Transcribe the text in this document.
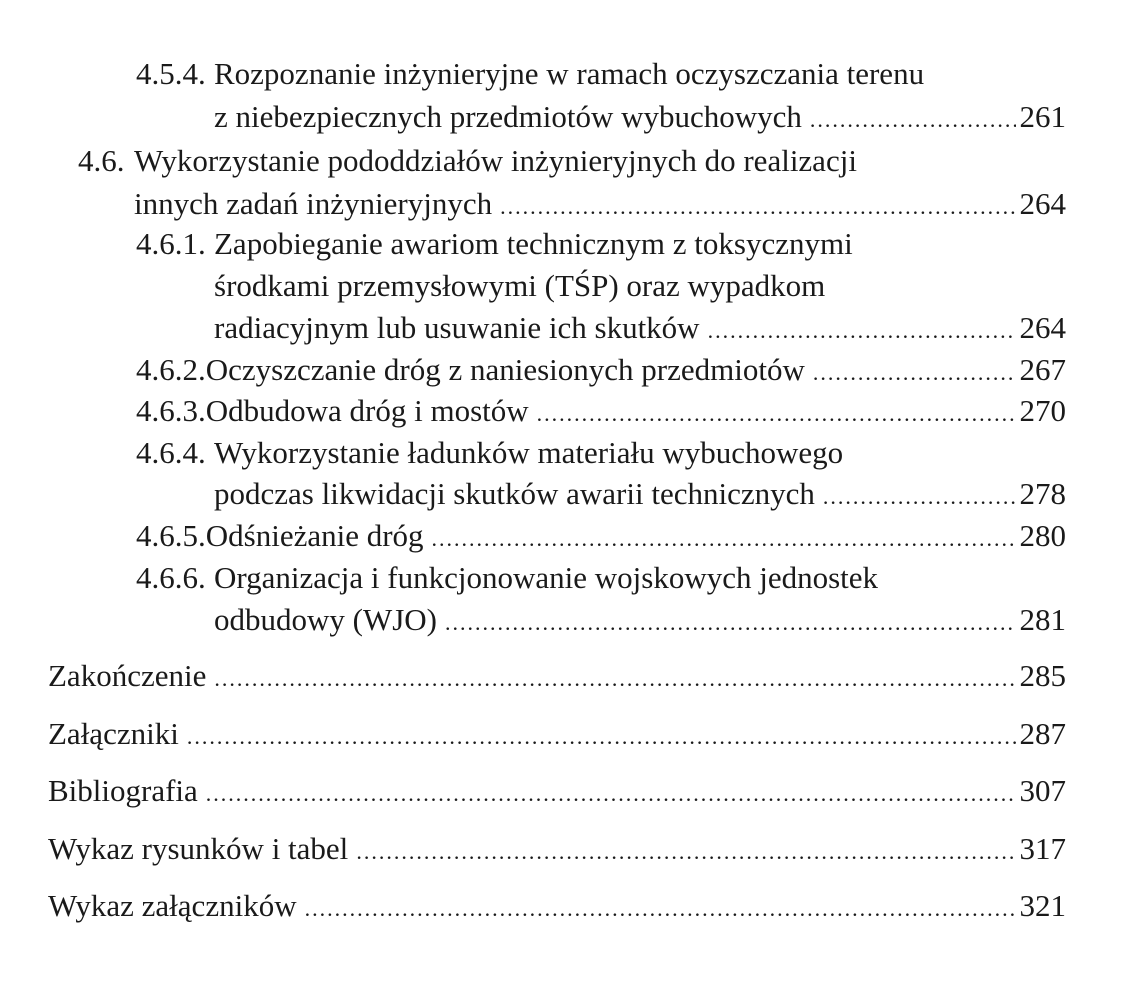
4.5.4. Rozpoznanie inżynieryjne w ramach oczyszczania terenu
z niebezpiecznych przedmiotów wybuchowych .....	261
4.6. Wykorzystanie pododdziałów inżynieryjnych do realizacji
innych zadań inżynieryjnych .....	264
4.6.1. Zapobieganie awariom technicznym z toksycznymi
środkami przemysłowymi (TŚP) oraz wypadkom
radiacyjnym lub usuwanie ich skutków .....	264
4.6.2. Oczyszczanie dróg z naniesionych przedmiotów .....	267
4.6.3. Odbudowa dróg i mostów .....	270
4.6.4. Wykorzystanie ładunków materiału wybuchowego
podczas likwidacji skutków awarii technicznych .....	278
4.6.5. Odśnieżanie dróg .....	280
4.6.6. Organizacja i funkcjonowanie wojskowych jednostek
odbudowy (WJO) .....	281
Zakończenie .....	285
Załączniki .....	287
Bibliografia .....	307
Wykaz rysunków i tabel .....	317
Wykaz załączników .....	321
